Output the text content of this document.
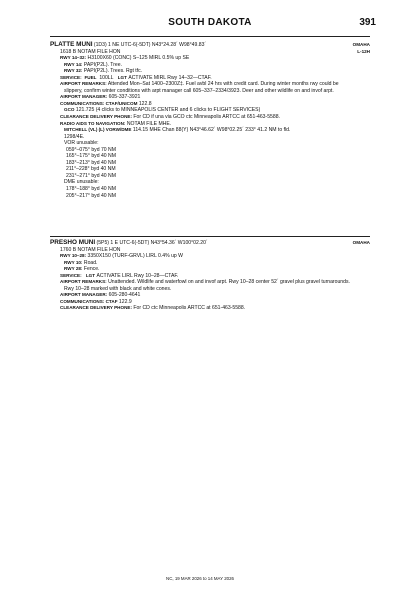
SOUTH DAKOTA	391
OMAHA
L-12H
PLATTE MUNI (1D3) 1 NE UTC-6(-5DT) N43°24.28´ W98°49.83´
1618 B NOTAM FILE HON
RWY 14–32: H3100X60 (CONC) S–125 MIRL 0.5% up SE
RWY 14: PAPI(P2L). Tree.
RWY 32: PAPI(P2L). Trees. Rgt tfc.
SERVICE: FUEL 100LL LGT ACTIVATE MIRL Rwy 14–32—CTAF.
AIRPORT REMARKS: Attended Mon–Sat 1400–2300Z‡. Fuel avbl 24 hrs with credit card. During winter months rwy could be slippery, confirm winter conditions with arpt manager call 605–337–2334/3923. Deer and other wildlife on and invof arpt.
AIRPORT MANAGER: 605-337-3921
COMMUNICATIONS: CTAF/UNICOM 122.8
GCO 121.725 (4 clicks to MINNEAPOLIS CENTER and 6 clicks to FLIGHT SERVICES)
CLEARANCE DELIVERY PHONE: For CD if una via GCO ctc Minneapolis ARTCC at 651-463-5588.
RADIO AIDS TO NAVIGATION: NOTAM FILE MHE.
MITCHELL (VL) (L) VORW/DME 114.15 MHE Chan 88(Y) N43°46.62´ W98°02.25´ 233° 41.2 NM to fld.
1298/4E.
VOR unusable:
059°–075° byd 70 NM
165°–175° byd 40 NM
183°–213° byd 40 NM
211°–228° byd 40 NM
231°–271° byd 40 NM
DME unusable:
178°–188° byd 40 NM
205°–217° byd 40 NM
OMAHA
PRESHO MUNI (5P5) 1 E UTC-6(-5DT) N43°54.36´ W100°02.20´
1760 B NOTAM FILE HON
RWY 10–28: 3350X150 (TURF-GRVL) LIRL 0.4% up W
RWY 10: Road.
RWY 28: Fence.
SERVICE: LGT ACTIVATE LIRL Rwy 10–28—CTAF.
AIRPORT REMARKS: Unattended. Wildlife and waterfowl on and invof arpt. Rwy 10–28 center 52´ gravel plus gravel turnarounds. Rwy 10–28 marked with black and white cones.
AIRPORT MANAGER: 605-280-4641
COMMUNICATIONS: CTAF 122.9
CLEARANCE DELIVERY PHONE: For CD ctc Minneapolis ARTCC at 651-463-5588.
NC, 19 MAR 2026 to 14 MAY 2026
